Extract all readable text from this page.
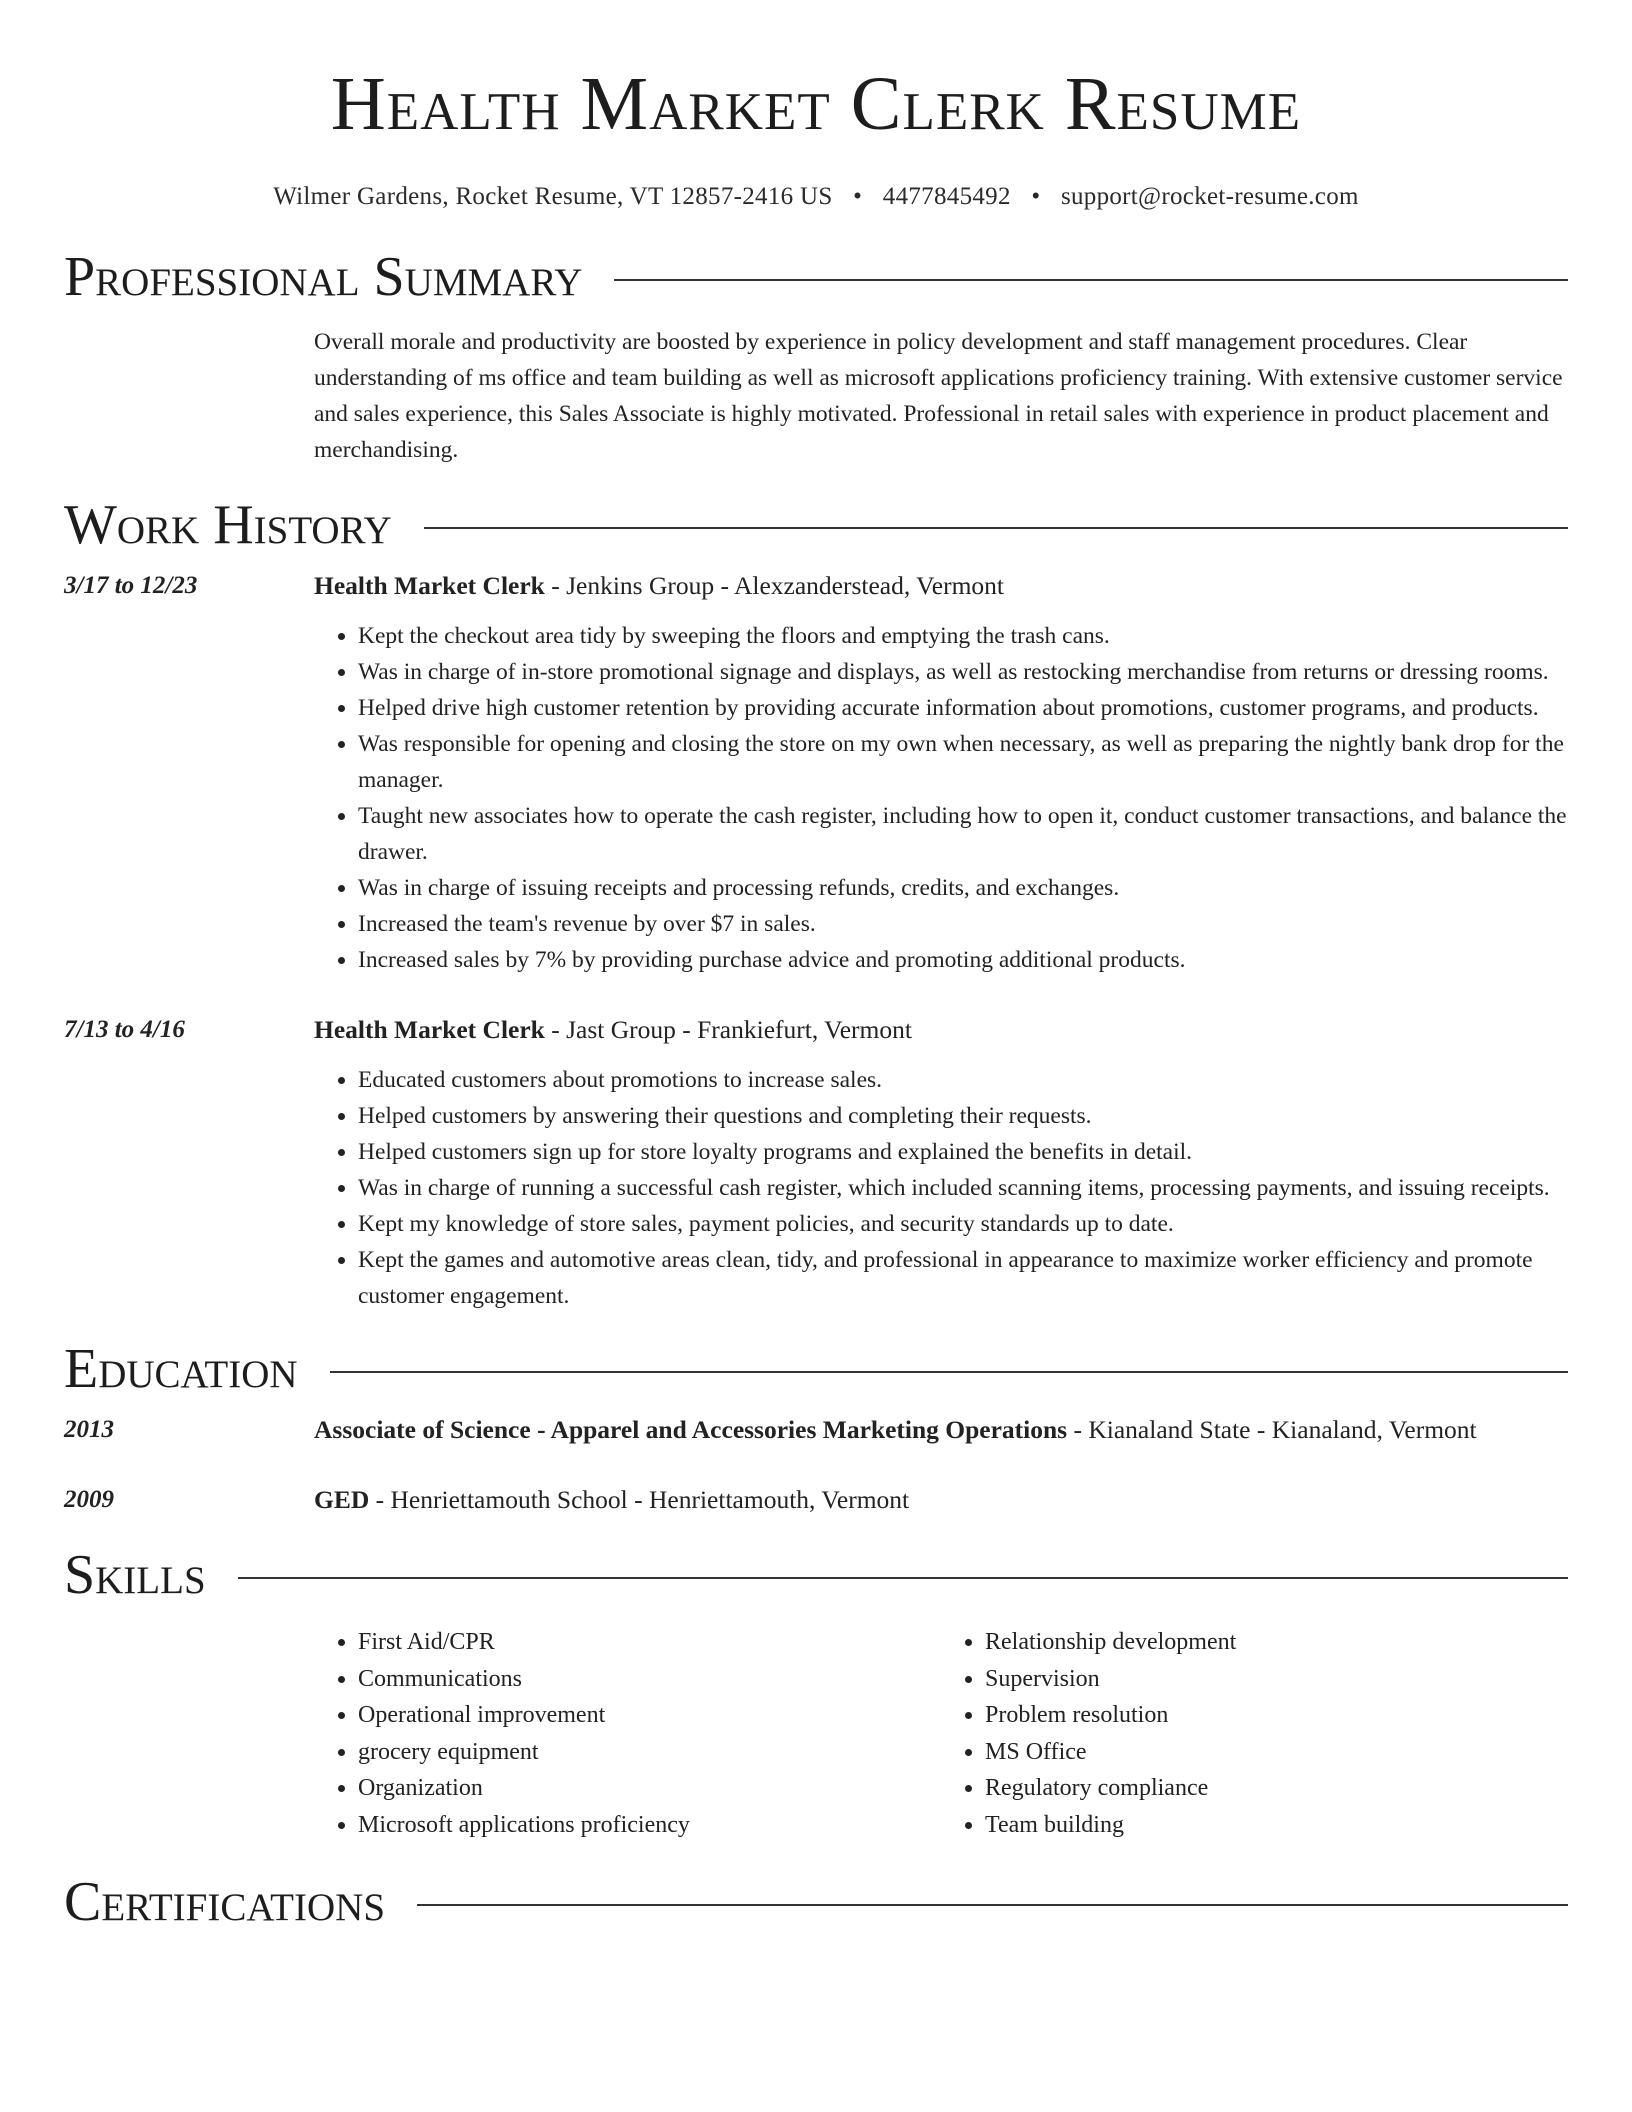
Health Market Clerk Resume
Wilmer Gardens, Rocket Resume, VT 12857-2416 US • 4477845492 • support@rocket-resume.com
Professional Summary
Overall morale and productivity are boosted by experience in policy development and staff management procedures. Clear understanding of ms office and team building as well as microsoft applications proficiency training. With extensive customer service and sales experience, this Sales Associate is highly motivated. Professional in retail sales with experience in product placement and merchandising.
Work History
3/17 to 12/23	Health Market Clerk - Jenkins Group - Alexzanderstead, Vermont
• Kept the checkout area tidy by sweeping the floors and emptying the trash cans.
• Was in charge of in-store promotional signage and displays, as well as restocking merchandise from returns or dressing rooms.
• Helped drive high customer retention by providing accurate information about promotions, customer programs, and products.
• Was responsible for opening and closing the store on my own when necessary, as well as preparing the nightly bank drop for the manager.
• Taught new associates how to operate the cash register, including how to open it, conduct customer transactions, and balance the drawer.
• Was in charge of issuing receipts and processing refunds, credits, and exchanges.
• Increased the team's revenue by over $7 in sales.
• Increased sales by 7% by providing purchase advice and promoting additional products.
7/13 to 4/16	Health Market Clerk - Jast Group - Frankiefurt, Vermont
• Educated customers about promotions to increase sales.
• Helped customers by answering their questions and completing their requests.
• Helped customers sign up for store loyalty programs and explained the benefits in detail.
• Was in charge of running a successful cash register, which included scanning items, processing payments, and issuing receipts.
• Kept my knowledge of store sales, payment policies, and security standards up to date.
• Kept the games and automotive areas clean, tidy, and professional in appearance to maximize worker efficiency and promote customer engagement.
Education
2013	Associate of Science - Apparel and Accessories Marketing Operations - Kianaland State - Kianaland, Vermont
2009	GED - Henriettamouth School - Henriettamouth, Vermont
Skills
• First Aid/CPR
• Communications
• Operational improvement
• grocery equipment
• Organization
• Microsoft applications proficiency
• Relationship development
• Supervision
• Problem resolution
• MS Office
• Regulatory compliance
• Team building
Certifications
